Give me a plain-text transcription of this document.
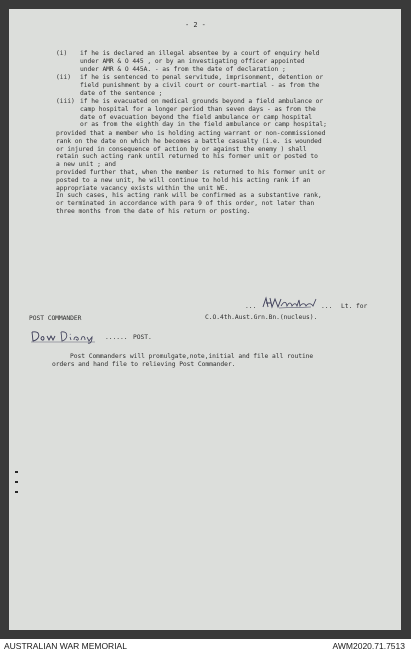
- 2 -
(i)	if he is declared an illegal absentee by a court of enquiry held
under AMR & O 445 , or by an investigating officer appointed
under AMR & O 445A. - as from the date of declaration ;
(ii)	if he is sentenced to penal servitude, imprisonment, detention or
field punishment by a civil court or court-martial - as from the
date of the sentence ;
(iii) if he is evacuated on medical grounds beyond a field ambulance or
camp hospital for a longer period than seven days - as from the
date of evacuation beyond the field ambulance or camp hospital
or as from the eighth day in the field ambulance or camp hospital;
provided that a member who is holding acting warrant or non-commissioned
rank on the date on which he becomes a battle casualty (i.e. is wounded
or injured in consequence of action by or against the enemy ) shall
retain such acting rank until returned to his former unit or posted to
a new unit ; and
provided further that, when the member is returned to his former unit or
posted to a new unit, he will continue to hold his acting rank if an
appropriate vacancy exists within the unit WE.
In such cases, his acting rank will be confirmed as a substantive rank,
or terminated in accordance with para 9 of this order, not later than
three months from the date of his return or posting.
...	... Lt. for
C.O.4th.Aust.Grn.Bn.(nucleus).
POST COMMANDER
...... POST.
Post Commanders will promulgate,note,initial and file all routine
orders and hand file to relieving Post Commander.
AUSTRALIAN WAR MEMORIAL	AWM2020.71.7513
